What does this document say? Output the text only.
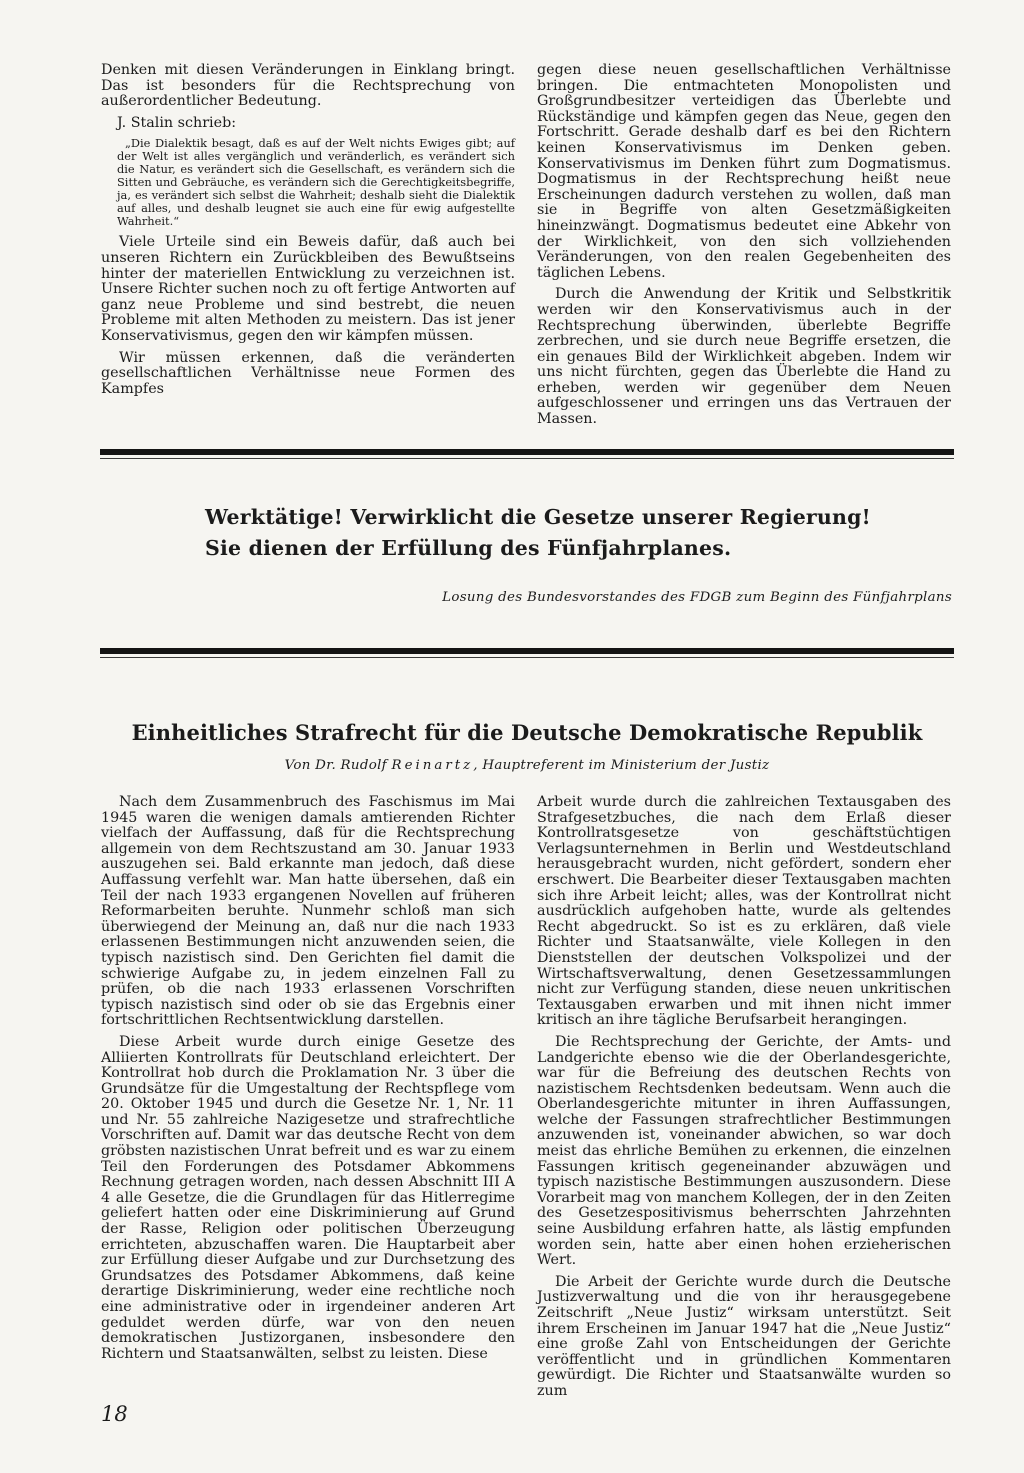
Denken mit diesen Veränderungen in Einklang bringt. Das ist besonders für die Rechtsprechung von außerordentlicher Bedeutung.

J. Stalin schrieb:

„Die Dialektik besagt, daß es auf der Welt nichts Ewiges gibt; auf der Welt ist alles vergänglich und veränderlich, es verändert sich die Natur, es verändert sich die Gesellschaft, es verändern sich die Sitten und Gebräuche, es verändern sich die Gerechtigkeitsbegriffe, ja, es verändert sich selbst die Wahrheit; deshalb sieht die Dialektik auf alles, und deshalb leugnet sie auch eine für ewig aufgestellte Wahrheit.“

Viele Urteile sind ein Beweis dafür, daß auch bei unseren Richtern ein Zurückbleiben des Bewußtseins hinter der materiellen Entwicklung zu verzeichnen ist. Unsere Richter suchen noch zu oft fertige Antworten auf ganz neue Probleme und sind bestrebt, die neuen Probleme mit alten Methoden zu meistern. Das ist jener Konservativismus, gegen den wir kämpfen müssen.

Wir müssen erkennen, daß die veränderten gesellschaftlichen Verhältnisse neue Formen des Kampfes

gegen diese neuen gesellschaftlichen Verhältnisse bringen. Die entmachteten Monopolisten und Großgrundbesitzer verteidigen das Überlebte und Rückständige und kämpfen gegen das Neue, gegen den Fortschritt. Gerade deshalb darf es bei den Richtern keinen Konservativismus im Denken geben. Konservativismus im Denken führt zum Dogmatismus. Dogmatismus in der Rechtsprechung heißt neue Erscheinungen dadurch verstehen zu wollen, daß man sie in Begriffe von alten Gesetzmäßigkeiten hineinzwängt. Dogmatismus bedeutet eine Abkehr von der Wirklichkeit, von den sich vollziehenden Veränderungen, von den realen Gegebenheiten des täglichen Lebens.

Durch die Anwendung der Kritik und Selbstkritik werden wir den Konservativismus auch in der Rechtsprechung überwinden, überlebte Begriffe zerbrechen, und sie durch neue Begriffe ersetzen, die ein genaues Bild der Wirklichkeit abgeben. Indem wir uns nicht fürchten, gegen das Überlebte die Hand zu erheben, werden wir gegenüber dem Neuen aufgeschlossener und erringen uns das Vertrauen der Massen.

Werktätige! Verwirklicht die Gesetze unserer Regierung! Sie dienen der Erfüllung des Fünfjahrplanes.

Losung des Bundesvorstandes des FDGB zum Beginn des Fünfjahrplans

Einheitliches Strafrecht für die Deutsche Demokratische Republik

Von Dr. Rudolf Reinartz, Hauptreferent im Ministerium der Justiz

Nach dem Zusammenbruch des Faschismus im Mai 1945 waren die wenigen damals amtierenden Richter vielfach der Auffassung, daß für die Rechtsprechung allgemein von dem Rechtszustand am 30. Januar 1933 auszugehen sei. Bald erkannte man jedoch, daß diese Auffassung verfehlt war. Man hatte übersehen, daß ein Teil der nach 1933 ergangenen Novellen auf früheren Reformarbeiten beruhte. Nunmehr schloß man sich überwiegend der Meinung an, daß nur die nach 1933 erlassenen Bestimmungen nicht anzuwenden seien, die typisch nazistisch sind. Den Gerichten fiel damit die schwierige Aufgabe zu, in jedem einzelnen Fall zu prüfen, ob die nach 1933 erlassenen Vorschriften typisch nazistisch sind oder ob sie das Ergebnis einer fortschrittlichen Rechtsentwicklung darstellen.

Diese Arbeit wurde durch einige Gesetze des Alliierten Kontrollrats für Deutschland erleichtert. Der Kontrollrat hob durch die Proklamation Nr. 3 über die Grundsätze für die Umgestaltung der Rechtspflege vom 20. Oktober 1945 und durch die Gesetze Nr. 1, Nr. 11 und Nr. 55 zahlreiche Nazigesetze und strafrechtliche Vorschriften auf. Damit war das deutsche Recht von dem gröbsten nazistischen Unrat befreit und es war zu einem Teil den Forderungen des Potsdamer Abkommens Rechnung getragen worden, nach dessen Abschnitt III A 4 alle Gesetze, die die Grundlagen für das Hitlerregime geliefert hatten oder eine Diskriminierung auf Grund der Rasse, Religion oder politischen Überzeugung errichteten, abzuschaffen waren. Die Hauptarbeit aber zur Erfüllung dieser Aufgabe und zur Durchsetzung des Grundsatzes des Potsdamer Abkommens, daß keine derartige Diskriminierung, weder eine rechtliche noch eine administrative oder in irgendeiner anderen Art geduldet werden dürfe, war von den neuen demokratischen Justizorganen, insbesondere den Richtern und Staatsanwälten, selbst zu leisten. Diese

Arbeit wurde durch die zahlreichen Textausgaben des Strafgesetzbuches, die nach dem Erlaß dieser Kontrollratsgesetze von geschäftstüchtigen Verlagsunternehmen in Berlin und Westdeutschland herausgebracht wurden, nicht gefördert, sondern eher erschwert. Die Bearbeiter dieser Textausgaben machten sich ihre Arbeit leicht; alles, was der Kontrollrat nicht ausdrücklich aufgehoben hatte, wurde als geltendes Recht abgedruckt. So ist es zu erklären, daß viele Richter und Staatsanwälte, viele Kollegen in den Dienststellen der deutschen Volkspolizei und der Wirtschaftsverwaltung, denen Gesetzessammlungen nicht zur Verfügung standen, diese neuen unkritischen Textausgaben erwarben und mit ihnen nicht immer kritisch an ihre tägliche Berufsarbeit herangingen.

Die Rechtsprechung der Gerichte, der Amts- und Landgerichte ebenso wie die der Oberlandesgerichte, war für die Befreiung des deutschen Rechts von nazistischem Rechtsdenken bedeutsam. Wenn auch die Oberlandesgerichte mitunter in ihren Auffassungen, welche der Fassungen strafrechtlicher Bestimmungen anzuwenden ist, voneinander abwichen, so war doch meist das ehrliche Bemühen zu erkennen, die einzelnen Fassungen kritisch gegeneinander abzuwägen und typisch nazistische Bestimmungen auszusondern. Diese Vorarbeit mag von manchem Kollegen, der in den Zeiten des Gesetzespositivismus beherrschten Jahrzehnten seine Ausbildung erfahren hatte, als lästig empfunden worden sein, hatte aber einen hohen erzieherischen Wert.

Die Arbeit der Gerichte wurde durch die Deutsche Justizverwaltung und die von ihr herausgegebene Zeitschrift „Neue Justiz“ wirksam unterstützt. Seit ihrem Erscheinen im Januar 1947 hat die „Neue Justiz“ eine große Zahl von Entscheidungen der Gerichte veröffentlicht und in gründlichen Kommentaren gewürdigt. Die Richter und Staatsanwälte wurden so zum

18
